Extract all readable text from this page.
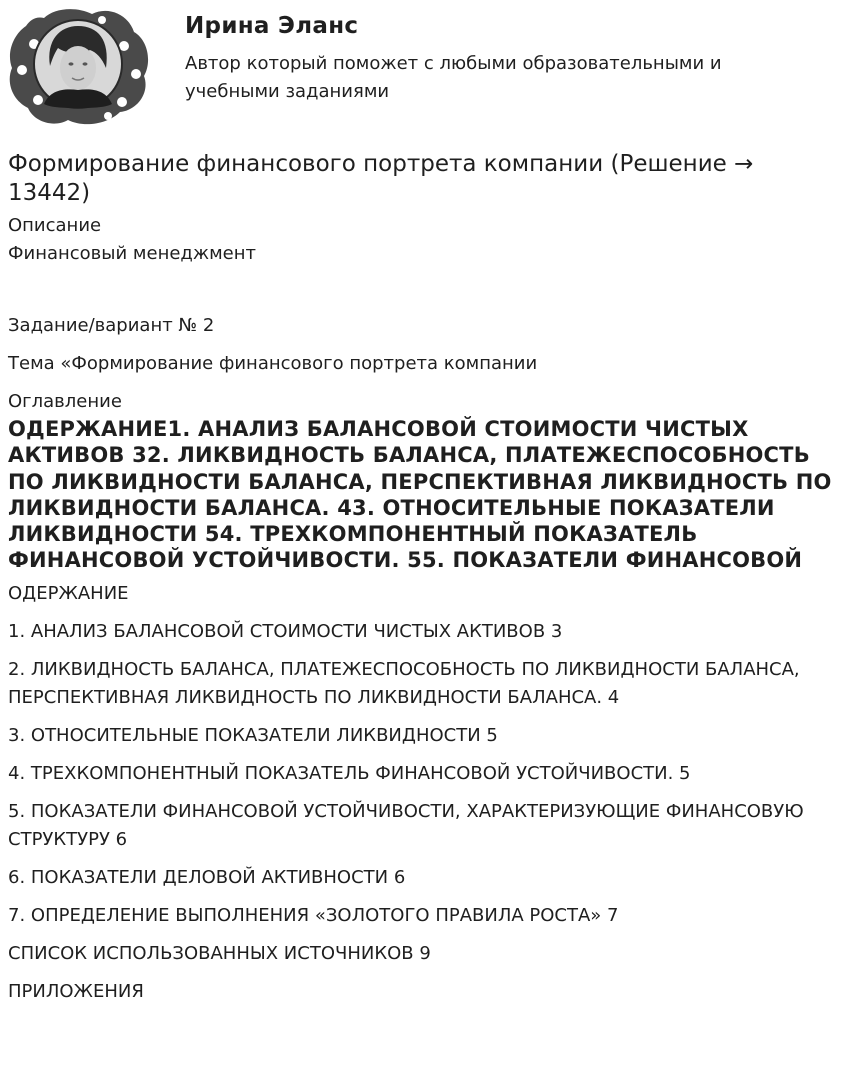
Ирина Эланс

Автор который поможет с любыми образовательными и учебными заданиями

Формирование финансового портрета компании (Решение → 13442)

Описание

Финансовый менеджмент

Задание/вариант № 2

Тема «Формирование финансового портрета компании

Оглавление

ОДЕРЖАНИЕ1. АНАЛИЗ БАЛАНСОВОЙ СТОИМОСТИ ЧИСТЫХ АКТИВОВ 32. ЛИКВИДНОСТЬ БАЛАНСА, ПЛАТЕЖЕСПОСОБНОСТЬ ПО ЛИКВИДНОСТИ БАЛАНСА, ПЕРСПЕКТИВНАЯ ЛИКВИДНОСТЬ ПО ЛИКВИДНОСТИ БАЛАНСА. 43. ОТНОСИТЕЛЬНЫЕ ПОКАЗАТЕЛИ ЛИКВИДНОСТИ 54. ТРЕХКОМПОНЕНТНЫЙ ПОКАЗАТЕЛЬ ФИНАНСОВОЙ УСТОЙЧИВОСТИ. 55. ПОКАЗАТЕЛИ ФИНАНСОВОЙ
ОДЕРЖАНИЕ
1. АНАЛИЗ БАЛАНСОВОЙ СТОИМОСТИ ЧИСТЫХ АКТИВОВ 3
2. ЛИКВИДНОСТЬ БАЛАНСА, ПЛАТЕЖЕСПОСОБНОСТЬ ПО ЛИКВИДНОСТИ БАЛАНСА, ПЕРСПЕКТИВНАЯ ЛИКВИДНОСТЬ ПО ЛИКВИДНОСТИ БАЛАНСА. 4
3. ОТНОСИТЕЛЬНЫЕ ПОКАЗАТЕЛИ ЛИКВИДНОСТИ 5
4. ТРЕХКОМПОНЕНТНЫЙ ПОКАЗАТЕЛЬ ФИНАНСОВОЙ УСТОЙЧИВОСТИ. 5
5. ПОКАЗАТЕЛИ ФИНАНСОВОЙ УСТОЙЧИВОСТИ, ХАРАКТЕРИЗУЮЩИЕ ФИНАНСОВУЮ СТРУКТУРУ 6
6. ПОКАЗАТЕЛИ ДЕЛОВОЙ АКТИВНОСТИ 6
7. ОПРЕДЕЛЕНИЕ ВЫПОЛНЕНИЯ «ЗОЛОТОГО ПРАВИЛА РОСТА» 7
СПИСОК ИСПОЛЬЗОВАННЫХ ИСТОЧНИКОВ 9
ПРИЛОЖЕНИЯ
